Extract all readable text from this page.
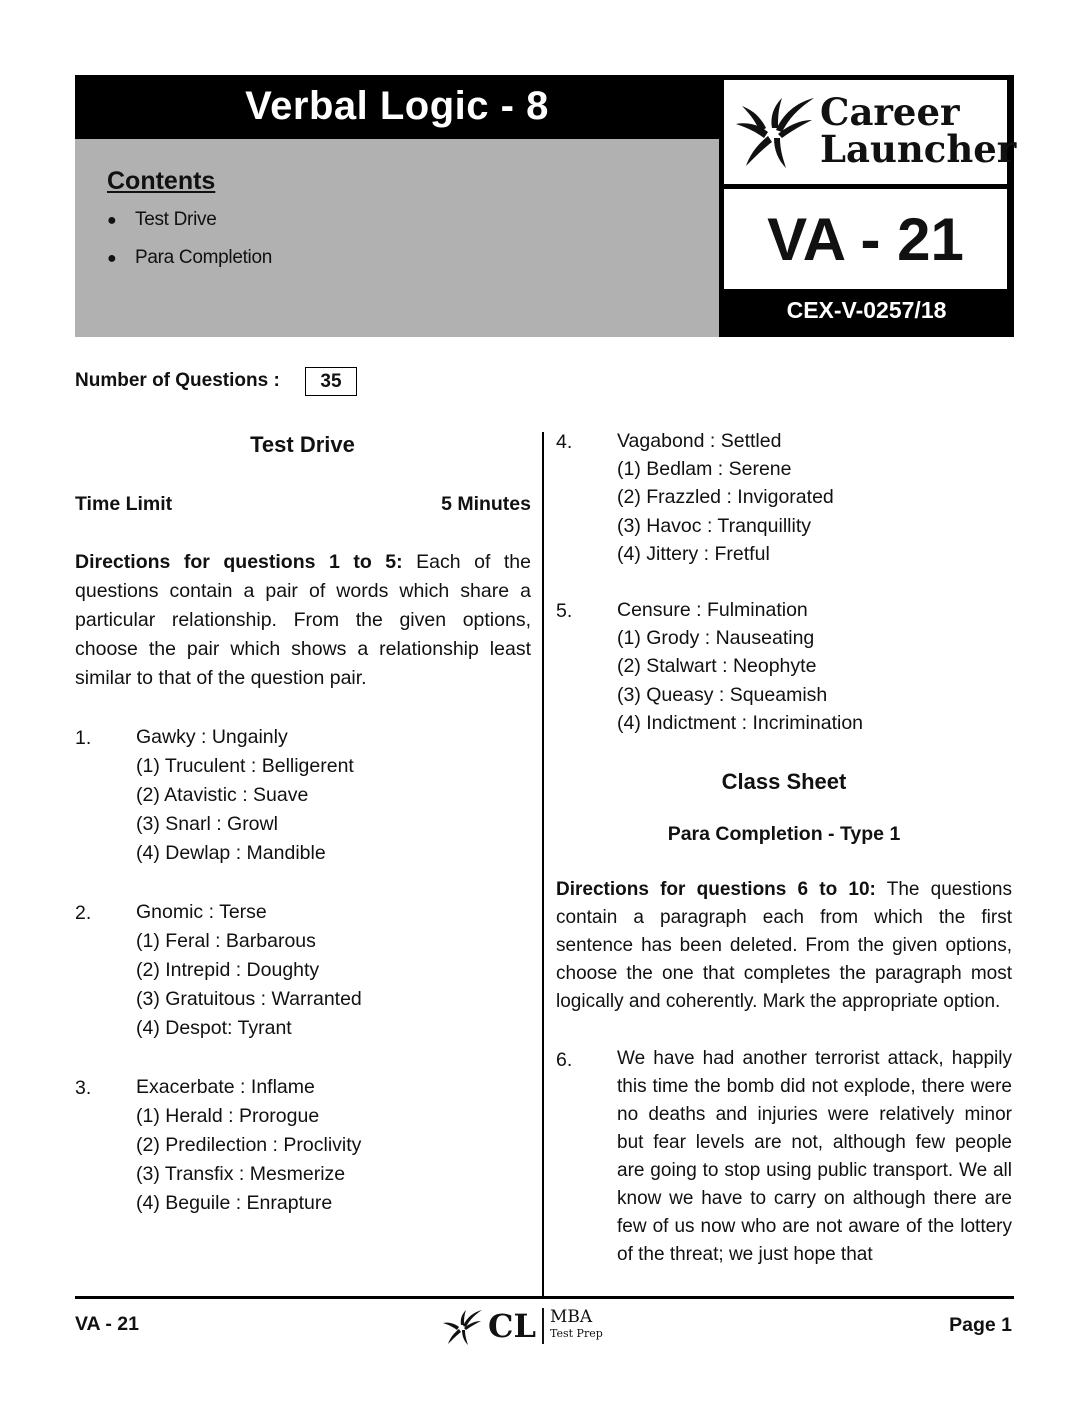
Verbal Logic - 8
Contents
● Test Drive
● Para Completion
Career
Launcher
VA - 21
CEX-V-0257/18
Number of Questions :	35
Test Drive
Time Limit	5 Minutes
Directions for questions 1 to 5: Each of the questions contain a pair of words which share a particular relationship. From the given options, choose the pair which shows a relationship least similar to that of the question pair.
1. Gawky : Ungainly
(1) Truculent : Belligerent
(2) Atavistic : Suave
(3) Snarl : Growl
(4) Dewlap : Mandible
2. Gnomic : Terse
(1) Feral : Barbarous
(2) Intrepid : Doughty
(3) Gratuitous : Warranted
(4) Despot: Tyrant
3. Exacerbate : Inflame
(1) Herald : Prorogue
(2) Predilection : Proclivity
(3) Transfix : Mesmerize
(4) Beguile : Enrapture
4. Vagabond : Settled
(1) Bedlam : Serene
(2) Frazzled : Invigorated
(3) Havoc : Tranquillity
(4) Jittery : Fretful
5. Censure : Fulmination
(1) Grody : Nauseating
(2) Stalwart : Neophyte
(3) Queasy : Squeamish
(4) Indictment : Incrimination
Class Sheet
Para Completion - Type 1
Directions for questions 6 to 10: The questions contain a paragraph each from which the first sentence has been deleted. From the given options, choose the one that completes the paragraph most logically and coherently. Mark the appropriate option.
6. We have had another terrorist attack, happily this time the bomb did not explode, there were no deaths and injuries were relatively minor but fear levels are not, although few people are going to stop using public transport. We all know we have to carry on although there are few of us now who are not aware of the lottery of the threat; we just hope that
VA - 21	CL MBA
Test Prep	Page 1
